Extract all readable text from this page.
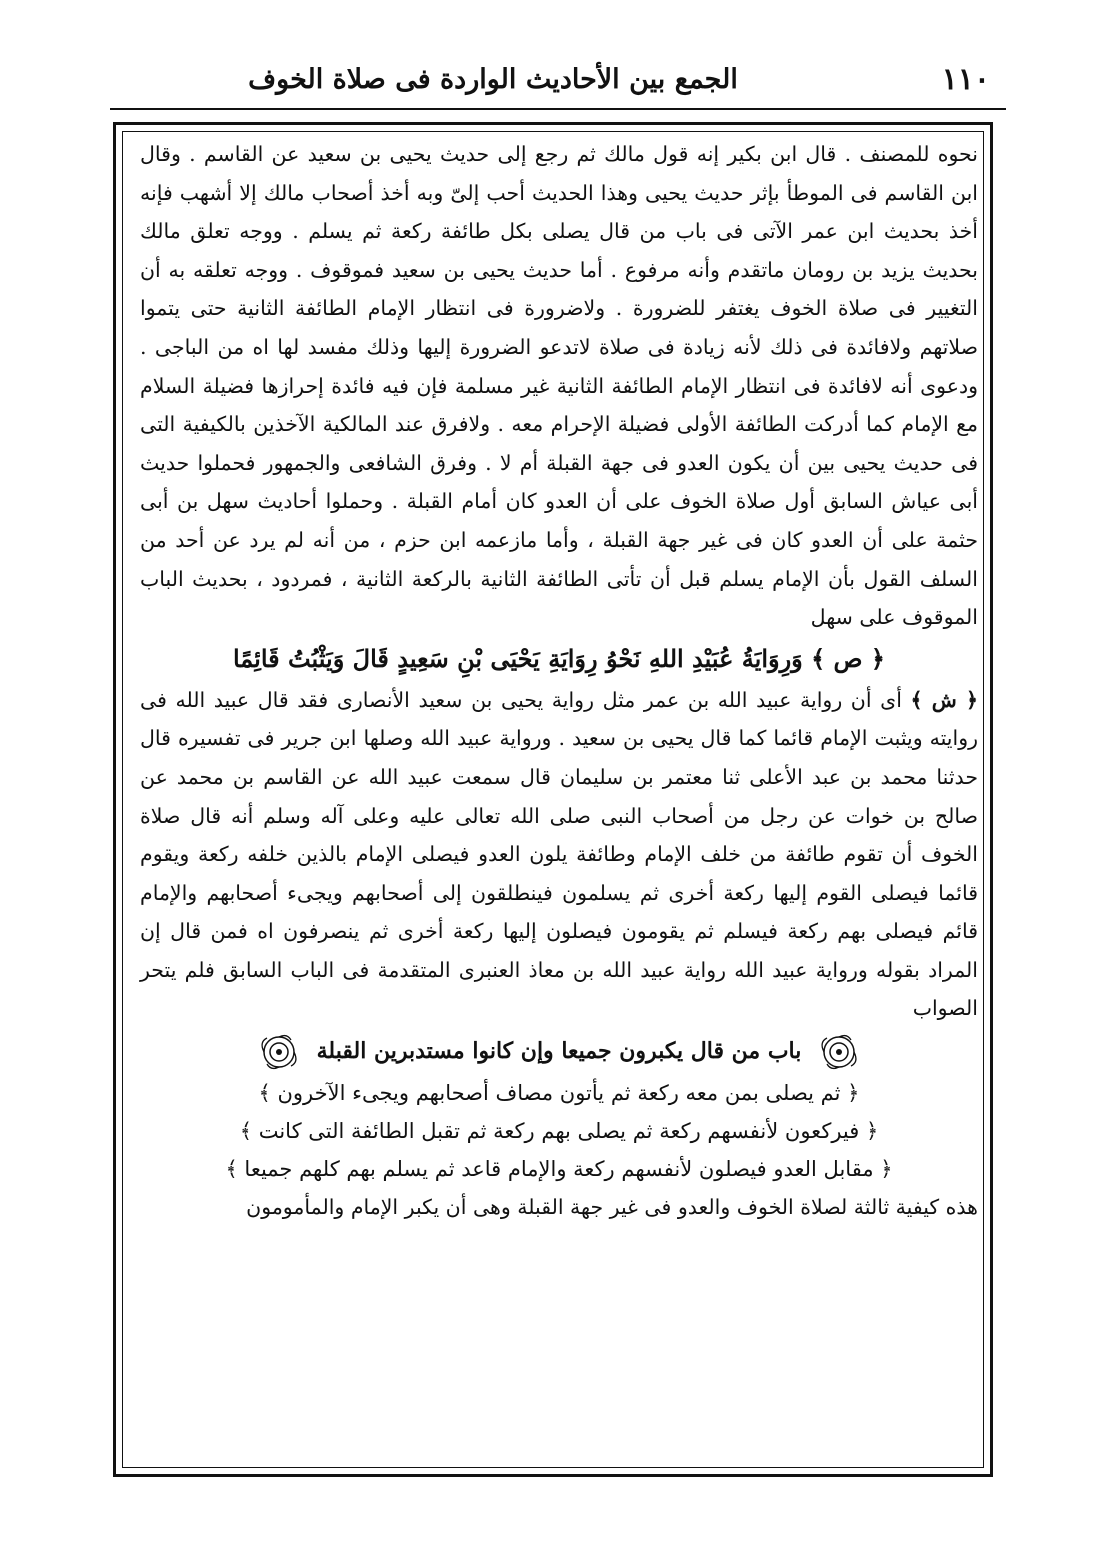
١١٠
الجمع بين الأحاديث الواردة فى صلاة الخوف

نحوه للمصنف . قال ابن بكير إنه قول مالك ثم رجع إلى حديث يحيى بن سعيد عن القاسم . وقال ابن القاسم فى الموطأ بإثر حديث يحيى وهذا الحديث أحب إلىّ وبه أخذ أصحاب مالك إلا أشهب فإنه أخذ بحديث ابن عمر الآتى فى باب من قال يصلى بكل طائفة ركعة ثم يسلم . ووجه تعلق مالك بحديث يزيد بن رومان ماتقدم وأنه مرفوع . أما حديث يحيى بن سعيد فموقوف . ووجه تعلقه به أن التغيير فى صلاة الخوف يغتفر للضرورة . ولاضرورة فى انتظار الإمام الطائفة الثانية حتى يتموا صلاتهم ولافائدة فى ذلك لأنه زيادة فى صلاة لاتدعو الضرورة إليها وذلك مفسد لها اه من الباجى . ودعوى أنه لافائدة فى انتظار الإمام الطائفة الثانية غير مسلمة فإن فيه فائدة إحرازها فضيلة السلام مع الإمام كما أدركت الطائفة الأولى فضيلة الإحرام معه . ولافرق عند المالكية الآخذين بالكيفية التى فى حديث يحيى بين أن يكون العدو فى جهة القبلة أم لا . وفرق الشافعى والجمهور فحملوا حديث أبى عياش السابق أول صلاة الخوف على أن العدو كان أمام القبلة . وحملوا أحاديث سهل بن أبى حثمة على أن العدو كان فى غير جهة القبلة ، وأما مازعمه ابن حزم ، من أنه لم يرد عن أحد من السلف القول بأن الإمام يسلم قبل أن تأتى الطائفة الثانية بالركعة الثانية ، فمردود ، بحديث الباب الموقوف على سهل

﴿ ص ﴾ وَرِوَايَةُ عُبَيْدِ اللهِ نَحْوُ رِوَايَةِ يَحْيَى بْنِ سَعِيدٍ قَالَ وَيَثْبُتُ قَائِمًا

﴿ ش ﴾ أى أن رواية عبيد الله بن عمر مثل رواية يحيى بن سعيد الأنصارى فقد قال عبيد الله فى روايته ويثبت الإمام قائما كما قال يحيى بن سعيد . ورواية عبيد الله وصلها ابن جرير فى تفسيره قال حدثنا محمد بن عبد الأعلى ثنا معتمر بن سليمان قال سمعت عبيد الله عن القاسم بن محمد عن صالح بن خوات عن رجل من أصحاب النبى صلى الله تعالى عليه وعلى آله وسلم أنه قال صلاة الخوف أن تقوم طائفة من خلف الإمام وطائفة يلون العدو فيصلى الإمام بالذين خلفه ركعة ويقوم قائما فيصلى القوم إليها ركعة أخرى ثم يسلمون فينطلقون إلى أصحابهم ويجىء أصحابهم والإمام قائم فيصلى بهم ركعة فيسلم ثم يقومون فيصلون إليها ركعة أخرى ثم ينصرفون اه فمن قال إن المراد بقوله ورواية عبيد الله رواية عبيد الله بن معاذ العنبرى المتقدمة فى الباب السابق فلم يتحر الصواب

باب من قال يكبرون جميعا وإن كانوا مستدبرين القبلة

﴿ ثم يصلى بمن معه ركعة ثم يأتون مصاف أصحابهم ويجىء الآخرون ﴾

﴿ فيركعون لأنفسهم ركعة ثم يصلى بهم ركعة ثم تقبل الطائفة التى كانت ﴾

﴿ مقابل العدو فيصلون لأنفسهم ركعة والإمام قاعد ثم يسلم بهم كلهم جميعا ﴾

هذه كيفية ثالثة لصلاة الخوف والعدو فى غير جهة القبلة وهى أن يكبر الإمام والمأمومون
